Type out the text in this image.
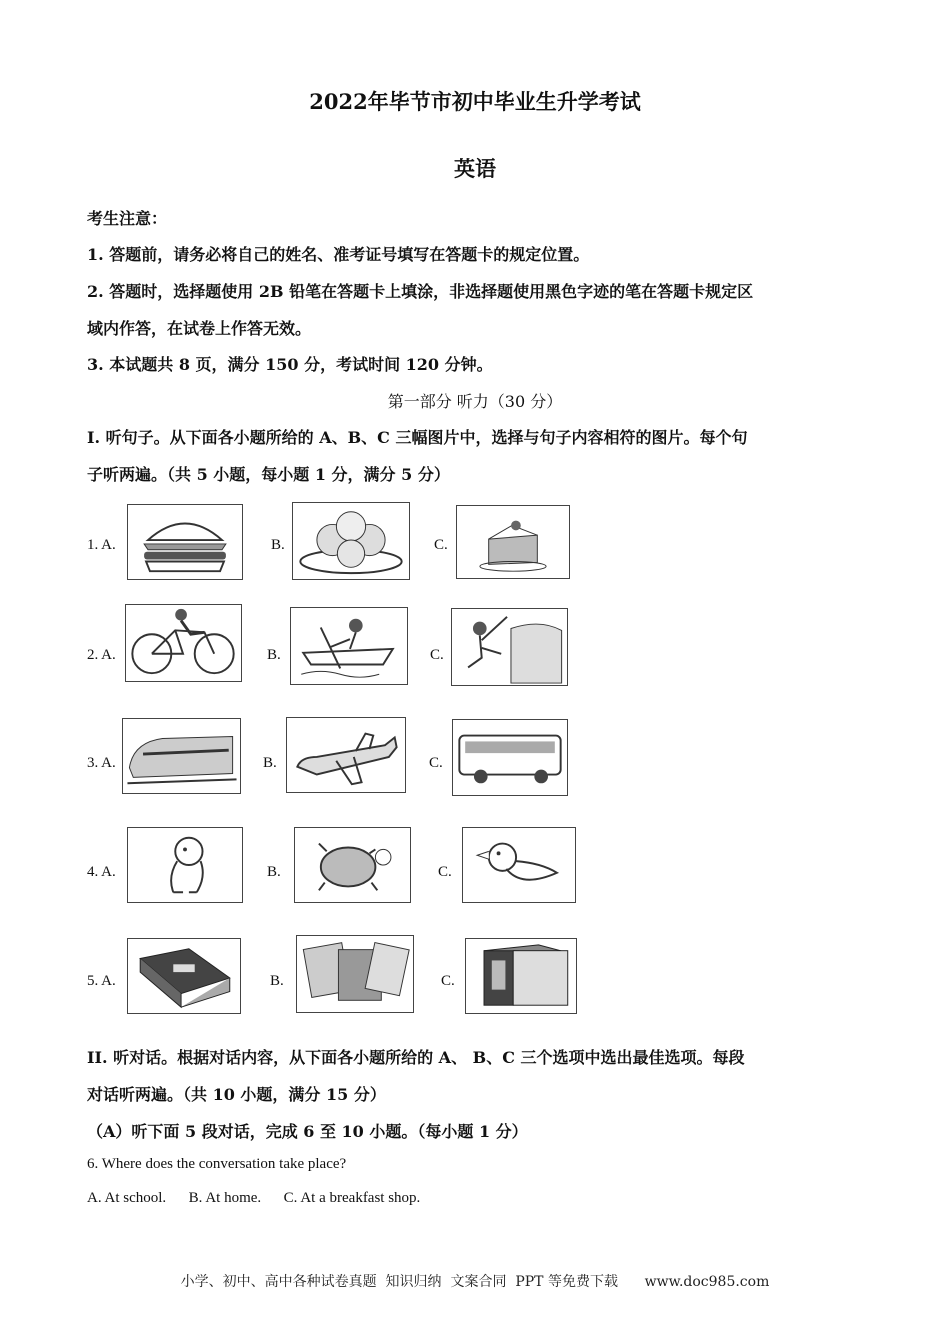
2022年毕节市初中毕业生升学考试
英语
考生注意：
1. 答题前，请务必将自己的姓名、准考证号填写在答题卡的规定位置。
2. 答题时，选择题使用 2B 铅笔在答题卡上填涂，非选择题使用黑色字迹的笔在答题卡规定区
域内作答，在试卷上作答无效。
3. 本试题共 8 页，满分 150 分，考试时间 120 分钟。
第一部分 听力（30 分）
I. 听句子。从下面各小题所给的 A、B、C 三幅图片中，选择与句子内容相符的图片。每个句
子听两遍。（共 5 小题，每小题 1 分，满分 5 分）
1. A.	B.	C.
2. A.	B.	C.
3. A.	B.	C.
4. A.	B.	C.
5. A.	B.	C.
II. 听对话。根据对话内容，从下面各小题所给的 A、 B、C 三个选项中选出最佳选项。每段
对话听两遍。（共 10 小题，满分 15 分）
（A）听下面 5 段对话，完成 6 至 10 小题。（每小题 1 分）
6. Where does the conversation take place?
A. At school.      B. At home.      C. At a breakfast shop.
小学、初中、高中各种试卷真题  知识归纳  文案合同  PPT 等免费下载      www.doc985.com
